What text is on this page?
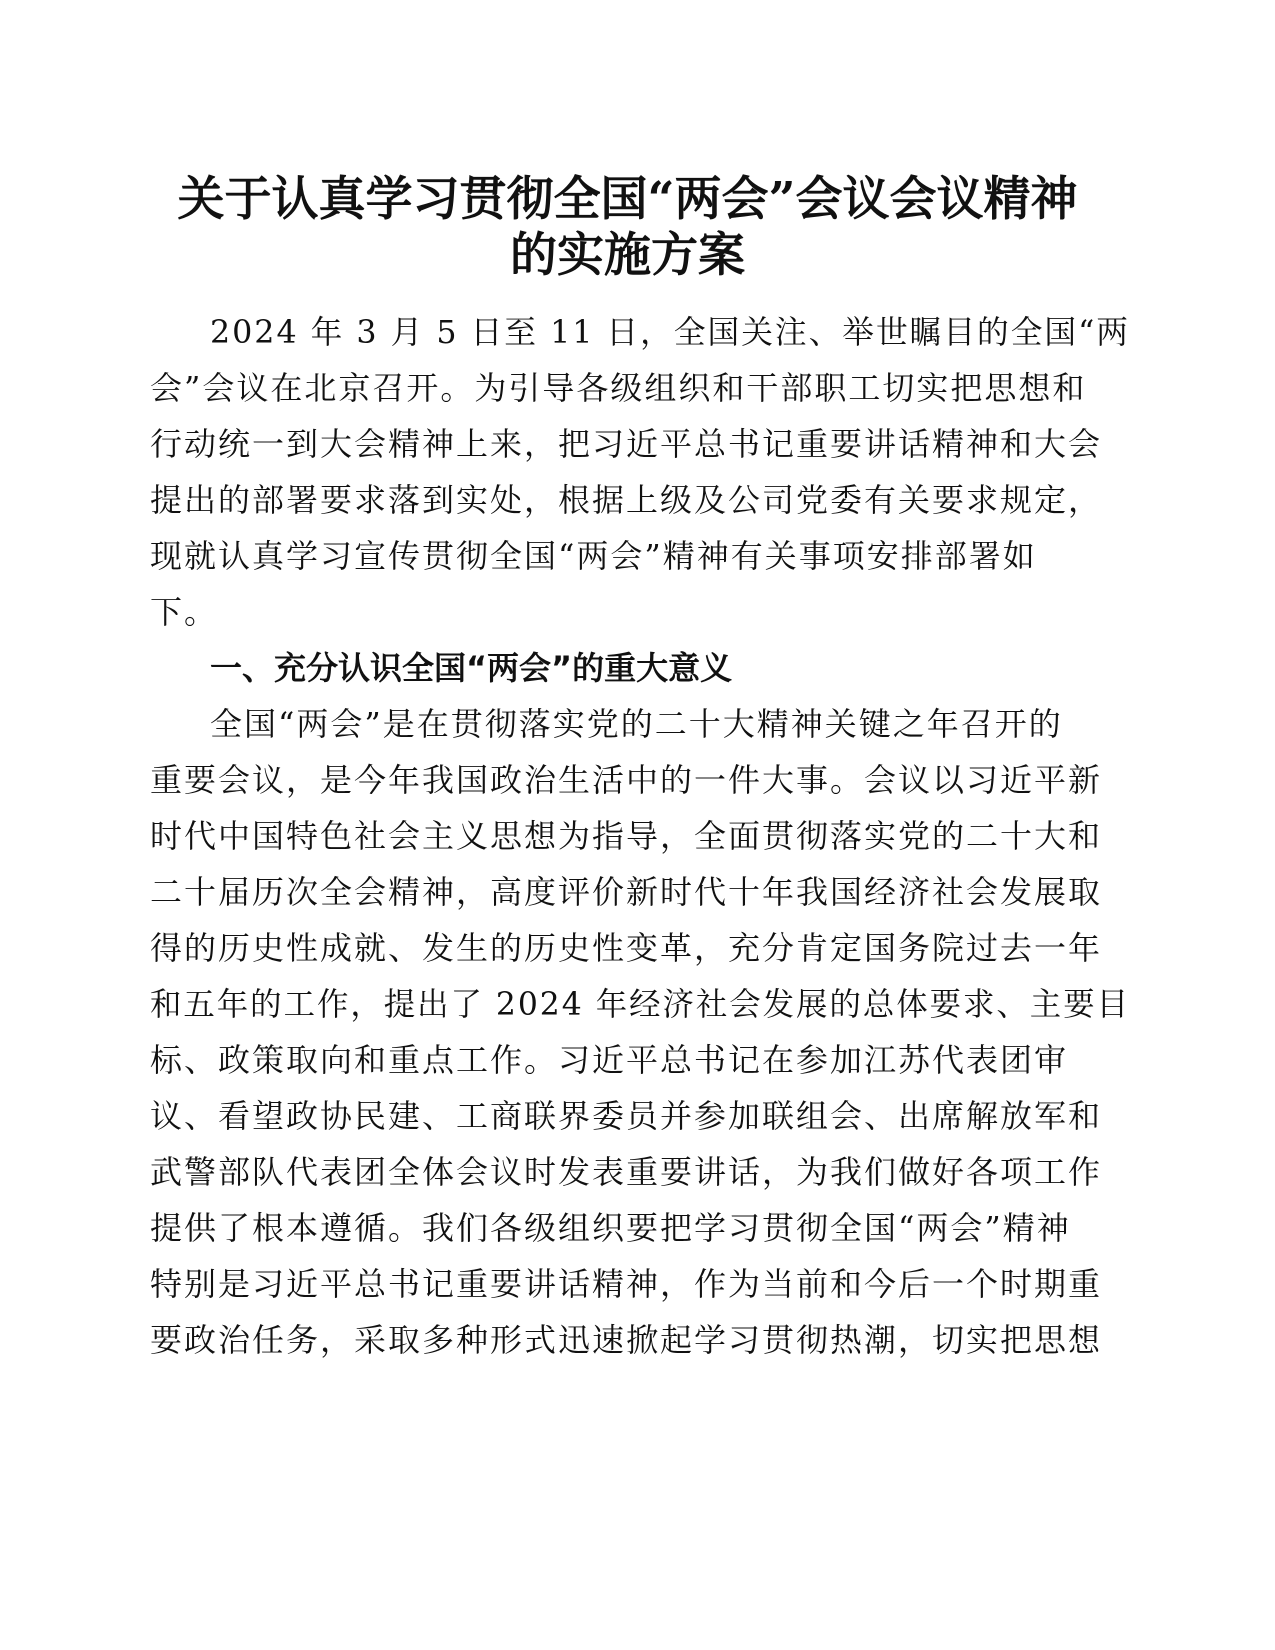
关于认真学习贯彻全国“两会”会议会议精神
的实施方案

2024 年 3 月 5 日至 11 日，全国关注、举世瞩目的全国“两

会”会议在北京召开。为引导各级组织和干部职工切实把思想和

行动统一到大会精神上来，把习近平总书记重要讲话精神和大会

提出的部署要求落到实处，根据上级及公司党委有关要求规定，

现就认真学习宣传贯彻全国“两会”精神有关事项安排部署如

下。

一、充分认识全国“两会”的重大意义

全国“两会”是在贯彻落实党的二十大精神关键之年召开的

重要会议，是今年我国政治生活中的一件大事。会议以习近平新

时代中国特色社会主义思想为指导，全面贯彻落实党的二十大和

二十届历次全会精神，高度评价新时代十年我国经济社会发展取

得的历史性成就、发生的历史性变革，充分肯定国务院过去一年

和五年的工作，提出了 2024 年经济社会发展的总体要求、主要目

标、政策取向和重点工作。习近平总书记在参加江苏代表团审

议、看望政协民建、工商联界委员并参加联组会、出席解放军和

武警部队代表团全体会议时发表重要讲话，为我们做好各项工作

提供了根本遵循。我们各级组织要把学习贯彻全国“两会”精神

特别是习近平总书记重要讲话精神，作为当前和今后一个时期重

要政治任务，采取多种形式迅速掀起学习贯彻热潮，切实把思想
